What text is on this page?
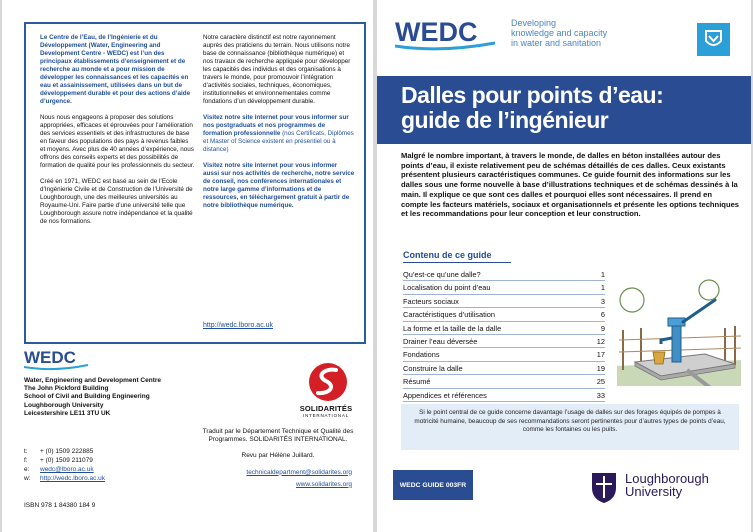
Le Centre de l’Eau, de l’Ingénierie et du Développement (Water, Engineering and Development Centre - WEDC) est l’un des principaux établissements d’enseignement et de recherche au monde et a pour mission de développer les connaissances et les capacités en eau et assainissement, utilisées dans un but de développement durable et pour des actions d’aide d’urgence.

Nous nous engageons à proposer des solutions appropriées, efficaces et éprouvées pour l’amélioration des services essentiels et des infrastructures de base en faveur des populations des pays à revenus faibles et moyens. Avec plus de 40 années d’expérience, nous offrons des conseils experts et des possibilités de formation de qualité pour les professionnels du secteur.

Créé en 1971, WEDC est basé au sein de l’Ecole d’Ingénierie Civile et de Construction de l’Université de Loughborough, une des meilleures universités au Royaume-Uni. Faire partie d’une université telle que Loughborough assure notre indépendance et la qualité de nos formations.

Notre caractère distinctif est notre rayonnement auprès des praticiens du terrain. Nous utilisons notre base de connaissance (bibliothèque numérique) et nos travaux de recherche appliquée pour développer les capacités des individus et des organisations à travers le monde, pour promouvoir l’intégration d’activités sociales, techniques, économiques, institutionnelles et environnementales comme fondations d’un développement durable.

Visitez notre site internet pour vous informer sur nos postgraduats et nos programmes de formation professionnelle (nos Certificats, Diplômes et Master of Science existent en présentiel ou à distance)

Visitez notre site internet pour vous informer aussi sur nos activités de recherche, notre service de conseil, nos conférences internationales et notre large gamme d’informations et de ressources, en téléchargement gratuit à partir de notre bibliothèque numérique.

http://wedc.lboro.ac.uk
WEDC
Water, Engineering and Development Centre
The John Pickford Building
School of Civil and Building Engineering
Loughborough University
Leicestershire LE11 3TU UK
t: + (0) 1509 222885
f: + (0) 1509 211079
e: wedc@lboro.ac.uk
w: http://wedc.lboro.ac.uk
ISBN 978 1 84380 184 9
SOLIDARITÉS
INTERNATIONAL
Traduit par le Département Technique et Qualité des Programmes. SOLIDARITÉS INTERNATIONAL.
Revu par Hélène Juillard.
technicaldepartment@solidarites.org
www.solidarites.org
WEDC	Developing
knowledge and capacity
in water and sanitation
Dalles pour points d’eau:
guide de l’ingénieur

Malgré le nombre important, à travers le monde, de dalles en béton installées autour des points d’eau, il existe relativement peu de schémas détaillés de ces dalles. Ceux existants présentent plusieurs caractéristiques communes. Ce guide fournit des informations sur les dalles sous une forme nouvelle à base d’illustrations techniques et de schémas dessinés à la main. Il explique ce que sont ces dalles et pourquoi elles sont nécessaires. Il prend en compte les facteurs matériels, sociaux et organisationnels et présente les options techniques et les recommandations pour leur conception et leur construction.

Contenu de ce guide
Qu’est-ce qu’une dalle?	1
Localisation du point d’eau	1
Facteurs sociaux	3
Caractéristiques d’utilisation	6
La forme et la taille de la dalle	9
Drainer l’eau déversée	12
Fondations	17
Construire la dalle	19
Résumé	25
Appendices et références	33

Si le point central de ce guide concerne davantage l’usage de dalles sur des forages équipés de pompes à motricité humaine, beaucoup de ses recommandations seront pertinentes pour d’autres types de points d’eau, comme les fontaines ou les puits.

WEDC GUIDE 003FR	Loughborough
University
